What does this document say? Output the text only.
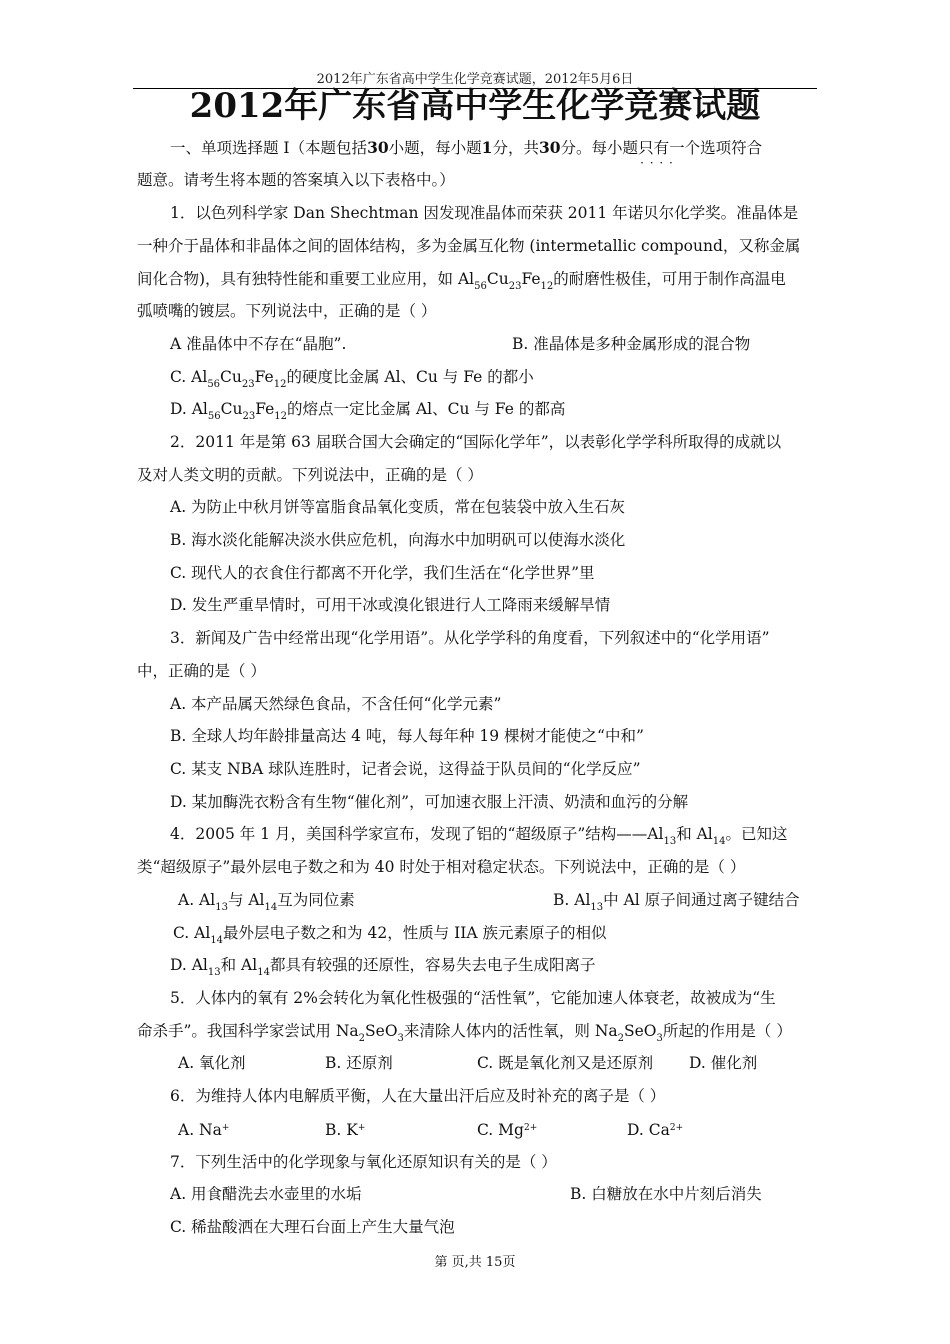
2012年广东省高中学生化学竞赛试题，2012年5月6日
2012年广东省高中学生化学竞赛试题
一、单项选择题 I（本题包括30小题，每小题1分，共30分。每小题只有一个 · · · ·选项符合
题意。请考生将本题的答案填入以下表格中。）
1．以色列科学家 Dan Shechtman 因发现准晶体而荣获 2011 年诺贝尔化学奖。准晶体是
一种介于晶体和非晶体之间的固体结构，多为金属互化物 (intermetallic compound，又称金属
间化合物)，具有独特性能和重要工业应用，如 $Al_{56}Cu_{23}Fe_{12}$的耐磨性极佳，可用于制作高温电
弧喷嘴的镀层。下列说法中，正确的是（ ）
A 准晶体中不存在“晶胞”.	B. 准晶体是多种金属形成的混合物
C. $Al_{56}Cu_{23}Fe_{12}$的硬度比金属 Al、Cu 与 Fe 的都小
D. $Al_{56}Cu_{23}Fe_{12}$的熔点一定比金属 Al、Cu 与 Fe 的都高
2．2011 年是第 63 届联合国大会确定的“国际化学年”，以表彰化学学科所取得的成就以
及对人类文明的贡献。下列说法中，正确的是（ ）
A. 为防止中秋月饼等富脂食品氧化变质，常在包装袋中放入生石灰
B. 海水淡化能解决淡水供应危机，向海水中加明矾可以使海水淡化
C. 现代人的衣食住行都离不开化学，我们生活在“化学世界”里
D. 发生严重旱情时，可用干冰或溴化银进行人工降雨来缓解旱情
3．新闻及广告中经常出现“化学用语”。从化学学科的角度看，下列叙述中的“化学用语”
中，正确的是（ ）
A. 本产品属天然绿色食品，不含任何“化学元素”
B. 全球人均年龄排量高达 4 吨，每人每年种 19 棵树才能使之“中和”
C. 某支 NBA 球队连胜时，记者会说，这得益于队员间的“化学反应”
D. 某加酶洗衣粉含有生物“催化剂”，可加速衣服上汗渍、奶渍和血污的分解
4．2005 年 1 月，美国科学家宣布，发现了铝的“超级原子”结构$——Al_{13}$和 $Al_{14}$。已知这
类“超级原子”最外层电子数之和为 40 时处于相对稳定状态。下列说法中，正确的是（ ）
A. $Al_{13}$与 $Al_{14}$互为同位素	B. $Al_{13}$中 Al 原子间通过离子键结合
C. $Al_{14}$最外层电子数之和为 42，性质与 IIA 族元素原子的相似
D. $Al_{13}$和 $Al_{14}$都具有较强的还原性，容易失去电子生成阳离子
5．人体内的氧有 2%会转化为氧化性极强的“活性氧”，它能加速人体衰老，故被成为“生
命杀手”。我国科学家尝试用 $Na_2SeO_3$来清除人体内的活性氧，则 $Na_2SeO_3$所起的作用是（ ）
A. 氧化剂	B. 还原剂	C. 既是氧化剂又是还原剂 D. 催化剂
6．为维持人体内电解质平衡，人在大量出汗后应及时补充的离子是（ ）
A. Na+	B. K+	C. $Mg^{2+}$	D. $Ca^{2+}$
7．下列生活中的化学现象与氧化还原知识有关的是（ ）
A. 用食醋洗去水壶里的水垢	B. 白糖放在水中片刻后消失
C. 稀盐酸洒在大理石台面上产生大量气泡
第 页,共 15页
